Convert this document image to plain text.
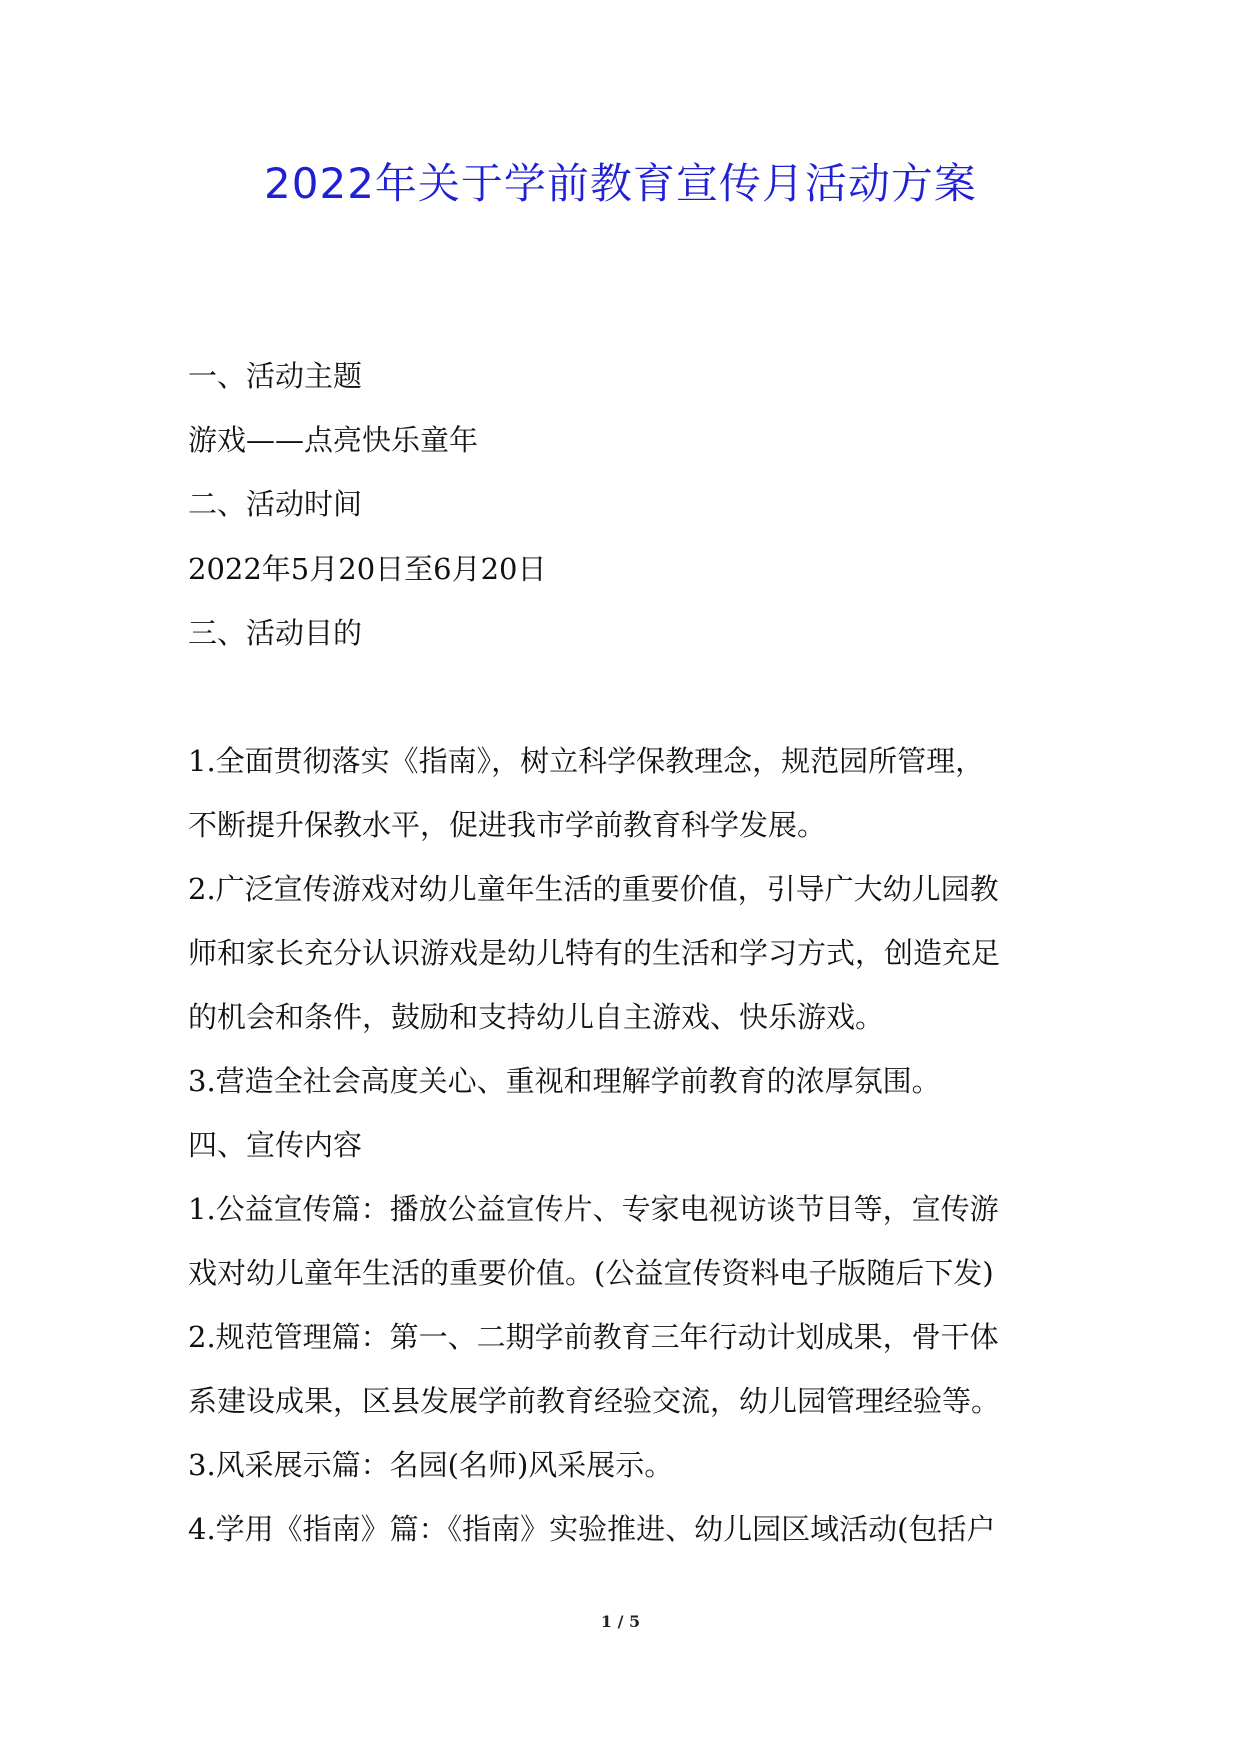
2022年关于学前教育宣传月活动方案
一、活动主题
游戏——点亮快乐童年
二、活动时间
2022年5月20日至6月20日
三、活动目的
1.全面贯彻落实《指南》，树立科学保教理念，规范园所管理，
不断提升保教水平，促进我市学前教育科学发展。
2.广泛宣传游戏对幼儿童年生活的重要价值，引导广大幼儿园教
师和家长充分认识游戏是幼儿特有的生活和学习方式，创造充足
的机会和条件，鼓励和支持幼儿自主游戏、快乐游戏。
3.营造全社会高度关心、重视和理解学前教育的浓厚氛围。
四、宣传内容
1.公益宣传篇：播放公益宣传片、专家电视访谈节目等，宣传游
戏对幼儿童年生活的重要价值。(公益宣传资料电子版随后下发)
2.规范管理篇：第一、二期学前教育三年行动计划成果，骨干体
系建设成果，区县发展学前教育经验交流，幼儿园管理经验等。
3.风采展示篇：名园(名师)风采展示。
4.学用《指南》篇：《指南》实验推进、幼儿园区域活动(包括户
1 / 5
